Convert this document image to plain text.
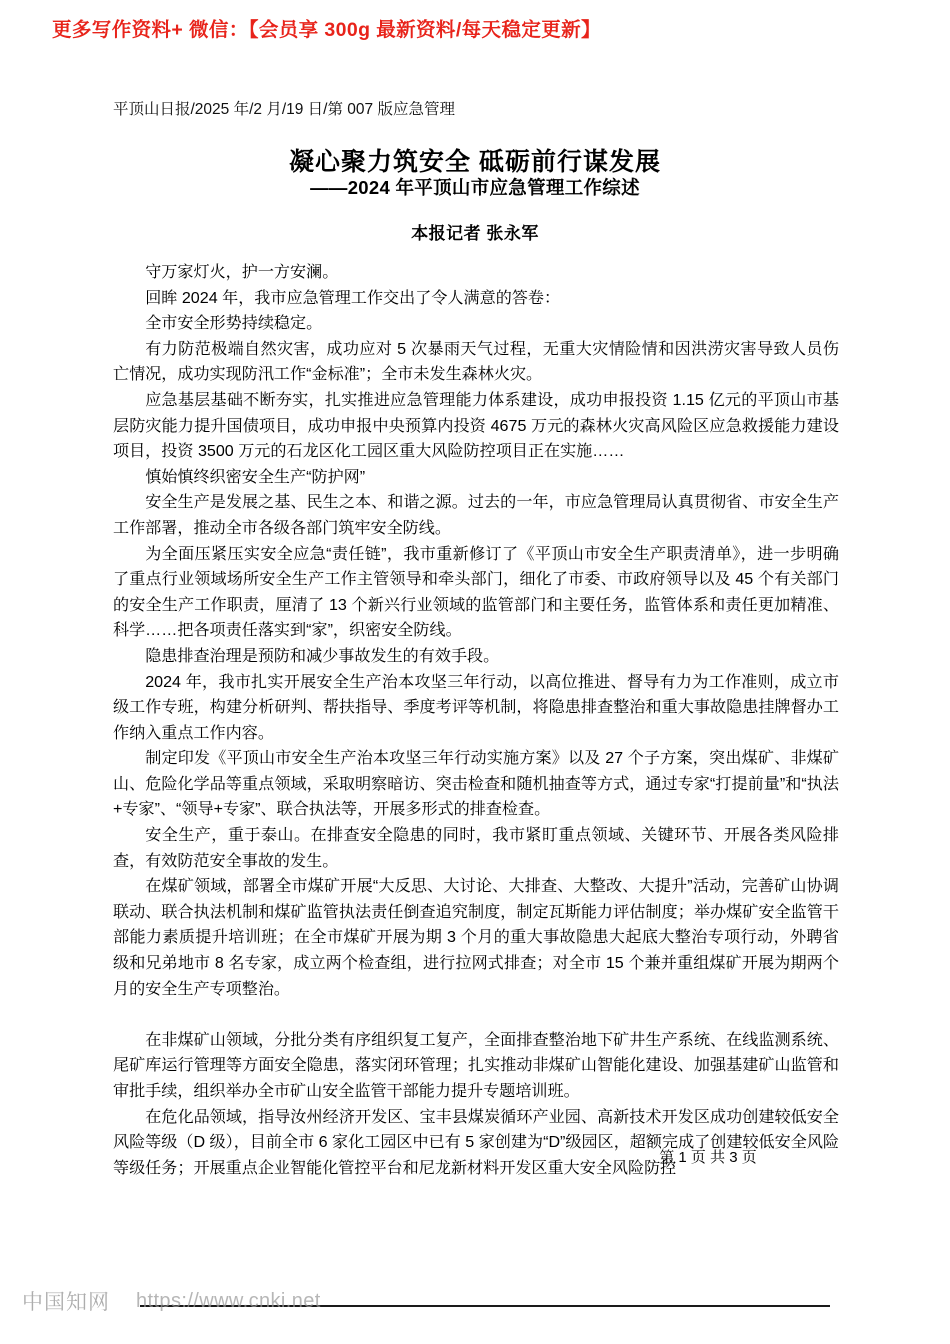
更多写作资料+ 微信：【会员享 300g 最新资料/每天稳定更新】
平顶山日报/2025 年/2 月/19 日/第 007 版应急管理
凝心聚力筑安全 砥砺前行谋发展
——2024 年平顶山市应急管理工作综述
本报记者 张永军

守万家灯火，护一方安澜。

回眸 2024 年，我市应急管理工作交出了令人满意的答卷：

全市安全形势持续稳定。

有力防范极端自然灾害，成功应对 5 次暴雨天气过程，无重大灾情险情和因洪涝灾害导致人员伤亡情况，成功实现防汛工作“金标准”；全市未发生森林火灾。

应急基层基础不断夯实，扎实推进应急管理能力体系建设，成功申报投资 1.15 亿元的平顶山市基层防灾能力提升国债项目，成功申报中央预算内投资 4675 万元的森林火灾高风险区应急救援能力建设项目，投资 3500 万元的石龙区化工园区重大风险防控项目正在实施……

慎始慎终织密安全生产“防护网”

安全生产是发展之基、民生之本、和谐之源。过去的一年，市应急管理局认真贯彻省、市安全生产工作部署，推动全市各级各部门筑牢安全防线。

为全面压紧压实安全应急“责任链”，我市重新修订了《平顶山市安全生产职责清单》，进一步明确了重点行业领域场所安全生产工作主管领导和牵头部门，细化了市委、市政府领导以及 45 个有关部门的安全生产工作职责，厘清了 13 个新兴行业领域的监管部门和主要任务，监管体系和责任更加精准、科学……把各项责任落实到“家”，织密安全防线。

隐患排查治理是预防和减少事故发生的有效手段。

2024 年，我市扎实开展安全生产治本攻坚三年行动，以高位推进、督导有力为工作准则，成立市级工作专班，构建分析研判、帮扶指导、季度考评等机制，将隐患排查整治和重大事故隐患挂牌督办工作纳入重点工作内容。

制定印发《平顶山市安全生产治本攻坚三年行动实施方案》以及 27 个子方案，突出煤矿、非煤矿山、危险化学品等重点领域，采取明察暗访、突击检查和随机抽查等方式，通过专家“打提前量”和“执法+专家”、“领导+专家”、联合执法等，开展多形式的排查检查。

安全生产，重于泰山。在排查安全隐患的同时，我市紧盯重点领域、关键环节、开展各类风险排查，有效防范安全事故的发生。

在煤矿领域，部署全市煤矿开展“大反思、大讨论、大排查、大整改、大提升”活动，完善矿山协调联动、联合执法机制和煤矿监管执法责任倒查追究制度，制定瓦斯能力评估制度；举办煤矿安全监管干部能力素质提升培训班；在全市煤矿开展为期 3 个月的重大事故隐患大起底大整治专项行动，外聘省级和兄弟地市 8 名专家，成立两个检查组，进行拉网式排查；对全市 15 个兼并重组煤矿开展为期两个月的安全生产专项整治。

在非煤矿山领域，分批分类有序组织复工复产，全面排查整治地下矿井生产系统、在线监测系统、尾矿库运行管理等方面安全隐患，落实闭环管理；扎实推动非煤矿山智能化建设、加强基建矿山监管和审批手续，组织举办全市矿山安全监管干部能力提升专题培训班。

在危化品领域，指导汝州经济开发区、宝丰县煤炭循环产业园、高新技术开发区成功创建较低安全风险等级（D 级），目前全市 6 家化工园区中已有 5 家创建为“D”级园区，超额完成了创建较低安全风险等级任务；开展重点企业智能化管控平台和尼龙新材料开发区重大安全风险防控

第 1 页 共 3 页
中国知网 https://www.cnki.net
